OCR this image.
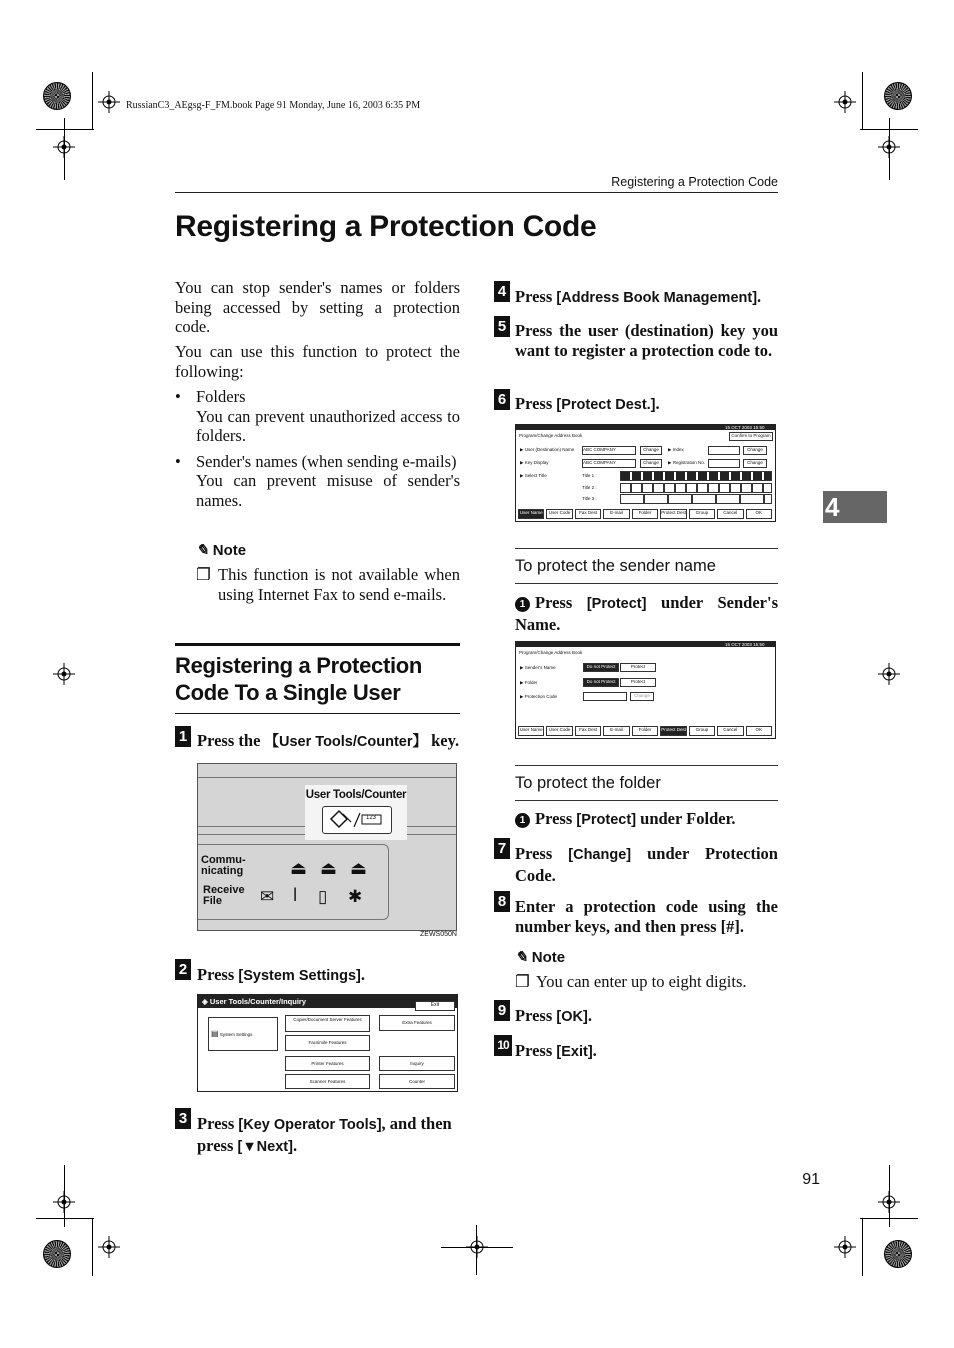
RussianC3_AEgsg-F_FM.book Page 91 Monday, June 16, 2003 6:35 PM
Registering a Protection Code
4
Registering a Protection Code
You can stop sender's names or folders being accessed by setting a protection code.
You can use this function to protect the following:
• Folders
You can prevent unauthorized access to folders.
• Sender's names (when sending e-mails)
You can prevent misuse of sender's names.
✎ Note
❐ This function is not available when using Internet Fax to send e-mails.
Registering a Protection Code To a Single User
1 Press the 【User Tools/Counter】 key.
User Tools/Counter
123
Commu-
nicating
Receive
File
⏏ ⏏ ⏏
✉ ǀ ▯ ✱
ZEWS050N
2 Press [System Settings].
◈ User Tools/Counter/Inquiry	Exit
▤ System Settings
Copier/Document Server Features
Facsimile Features
Printer Features
Scanner Features
Extra Features
Inquiry
Counter
3 Press [Key Operator Tools], and then press [▼Next].
4 Press [Address Book Management].
5 Press the user (destination) key you want to register a protection code to.
6 Press [Protect Dest.].
Program/Change Address Book
15 OCT 2003 15:50
Confirm to Program
▶ User (Destination) Name
▶ Key Display
▶ Select Title
ABC COMPANY	Change
ABC COMPANY	Change
▶ Index
▶ Registration No.
Change
Change
Title 1 :
Title 2 :
Title 3 :
User Name	User Code	Fax Dest	E-mail	Folder	Protect Dest	Group	Cancel	OK
To protect the sender name
1 Press [Protect] under Sender's Name.
Program/Change Address Book
15 OCT 2003 15:50
▶ Sender's Name
▶ Folder
▶ Protection Code
Do not Protect	Protect
Do not Protect	Protect
Change
User Name	User Code	Fax Dest	E-mail	Folder	Protect Dest	Group	Cancel	OK
To protect the folder
1 Press [Protect] under Folder.
7 Press [Change] under Protection Code.
8 Enter a protection code using the number keys, and then press [#].
✎ Note
❐ You can enter up to eight digits.
9 Press [OK].
10 Press [Exit].
91
